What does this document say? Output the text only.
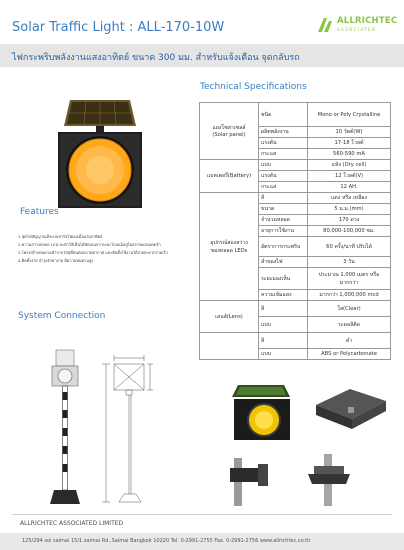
Solar Traffic Light : ALL-170-10W	ALLRICHTEC
ASSOCIATED
ไฟกระพริบพลังงานแสงอาทิตย์ ขนาด 300 มม. สำหรับแจ้งเตือน จุดกลับรถ
Features
1.ชุดไฟสัญญาณมีระบบชาร์จไฟเองเมื่อแสงอาทิตย์
2.ความสว่างหลอด LED จะทำให้เห็นได้ชัดเจนจากระยะไกลแม้อยู่ในสภาพแสงแดดจ้า
3.โครงสร้างทนทานทำจากวัสดุที่ทนต่อสภาพอากาศ และติดตั้งใช้งานได้ง่ายสะดวกรวดเร็ว
4.ติดตั้งง่าย บำรุงรักษาง่าย มีความทนทานสูง
System Connection
Technical Specifications
แผงโซล่าเซลล์
(Solar panel)	ชนิด	Mono or Poly Crystalline
	ผลิตพลังงาน	10 วัตต์(W)
	แรงดัน	17-18 โวลต์
	กระแส	560-590 mA
แบตเตอรี่(Battery)	แบบ	แห้ง (Dry cell)
	แรงดัน	12 โวลต์(V)
	กระแส	12 AH.

อุปกรณ์ส่องสว่าง
ของหลอด LEDs	สี	แดง หรือ เหลือง
	ขนาด	5 ม.ม.(mm)
	จำนวนหลอด	170 ดวง
	อายุการใช้งาน	80,000-100,000 ชม.
	อัตราการกระพริบ	60 ครั้ง/นาที ปรับได้
	ลำของไฟ	3 วัน
	ระยะมองเห็น	ประมาณ 1,000 เมตร หรือมากกว่า
	ความเข้มแสง	มากกว่า 1,000,000 mcd
เลนส์(Lens)	สี	ใส(Clear)
	แบบ	ระดลลิติด
	สี	ดำ
	แบบ	ABS or Polycarbonate
ALLRICHTEC ASSOCIATED LIMITED
125/294 soi saimai 15/1 saimai Rd.,Saimai Bangkok 10220 Tel. 0-2991-2755 Fax. 0-2991-2756 www.allrichtec.co.th
